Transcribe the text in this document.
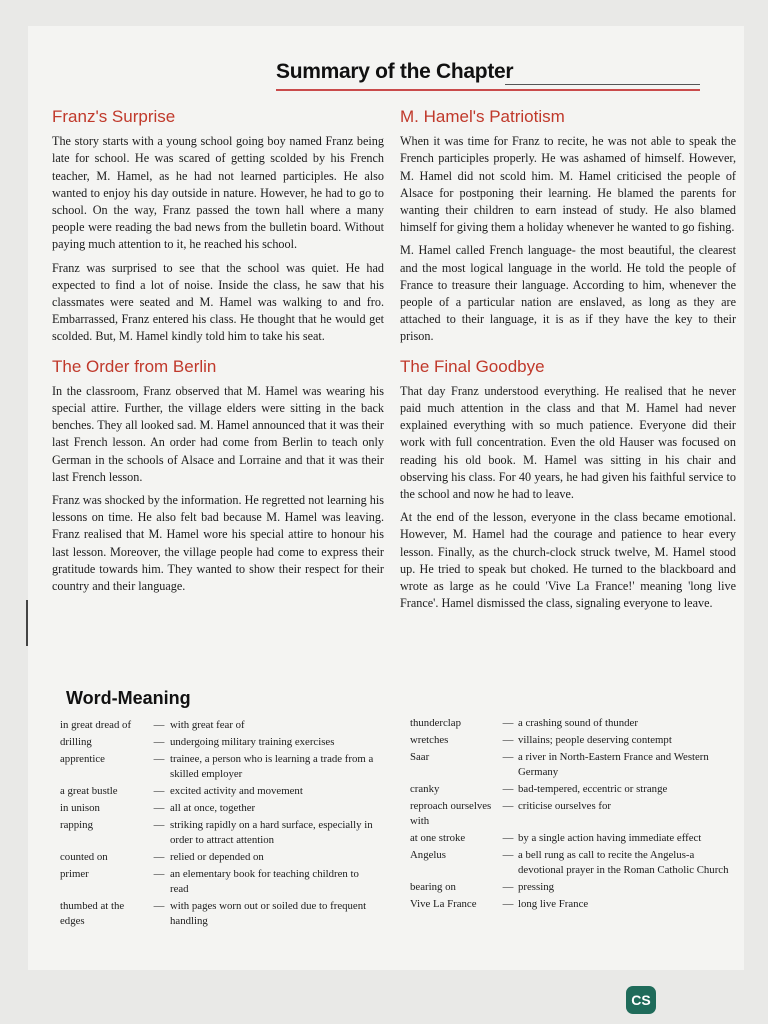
Summary of the Chapter
Franz's Surprise

The story starts with a young school going boy named Franz being late for school. He was scared of getting scolded by his French teacher, M. Hamel, as he had not learned participles. He also wanted to enjoy his day outside in nature. However, he had to go to school. On the way, Franz passed the town hall where a many people were reading the bad news from the bulletin board. Without paying much attention to it, he reached his school.

Franz was surprised to see that the school was quiet. He had expected to find a lot of noise. Inside the class, he saw that his classmates were seated and M. Hamel was walking to and fro. Embarrassed, Franz entered his class. He thought that he would get scolded. But, M. Hamel kindly told him to take his seat.

The Order from Berlin

In the classroom, Franz observed that M. Hamel was wearing his special attire. Further, the village elders were sitting in the back benches. They all looked sad. M. Hamel announced that it was their last French lesson. An order had come from Berlin to teach only German in the schools of Alsace and Lorraine and that it was their last French lesson.

Franz was shocked by the information. He regretted not learning his lessons on time. He also felt bad because M. Hamel was leaving. Franz realised that M. Hamel wore his special attire to honour his last lesson. Moreover, the village people had come to express their gratitude towards him. They wanted to show their respect for their country and their language.

M. Hamel's Patriotism

When it was time for Franz to recite, he was not able to speak the French participles properly. He was ashamed of himself. However, M. Hamel did not scold him. M. Hamel criticised the people of Alsace for postponing their learning. He blamed the parents for wanting their children to earn instead of study. He also blamed himself for giving them a holiday whenever he wanted to go fishing.

M. Hamel called French language- the most beautiful, the clearest and the most logical language in the world. He told the people of France to treasure their language. According to him, whenever the people of a particular nation are enslaved, as long as they are attached to their language, it is as if they have the key to their prison.

The Final Goodbye

That day Franz understood everything. He realised that he never paid much attention in the class and that M. Hamel had never explained everything with so much patience. Everyone did their work with full concentration. Even the old Hauser was focused on reading his old book. M. Hamel was sitting in his chair and observing his class. For 40 years, he had given his faithful service to the school and now he had to leave.

At the end of the lesson, everyone in the class became emotional. However, M. Hamel had the courage and patience to hear every lesson. Finally, as the church-clock struck twelve, M. Hamel stood up. He tried to speak but choked. He turned to the blackboard and wrote as large as he could 'Vive La France!' meaning 'long live France'. Hamel dismissed the class, signaling everyone to leave.

Word-Meaning
in great dread of	— with great fear of
drilling	— undergoing military training exercises
apprentice	— trainee, a person who is learning a trade from a skilled employer
a great bustle	— excited activity and movement
in unison	— all at once, together
rapping	— striking rapidly on a hard surface, especially in order to attract attention
counted on	— relied or depended on
primer	— an elementary book for teaching children to read
thumbed at the edges
— with pages worn out or soiled due to frequent handling
thunderclap	— a crashing sound of thunder
wretches	— villains; people deserving contempt
Saar	— a river in North-Eastern France and Western Germany
cranky	— bad-tempered, eccentric or strange
reproach ourselves with
— criticise ourselves for
at one stroke	— by a single action having immediate effect
Angelus	— a bell rung as call to recite the Angelus-a devotional prayer in the Roman Catholic Church
bearing on	— pressing
Vive La France	— long live France
CS
